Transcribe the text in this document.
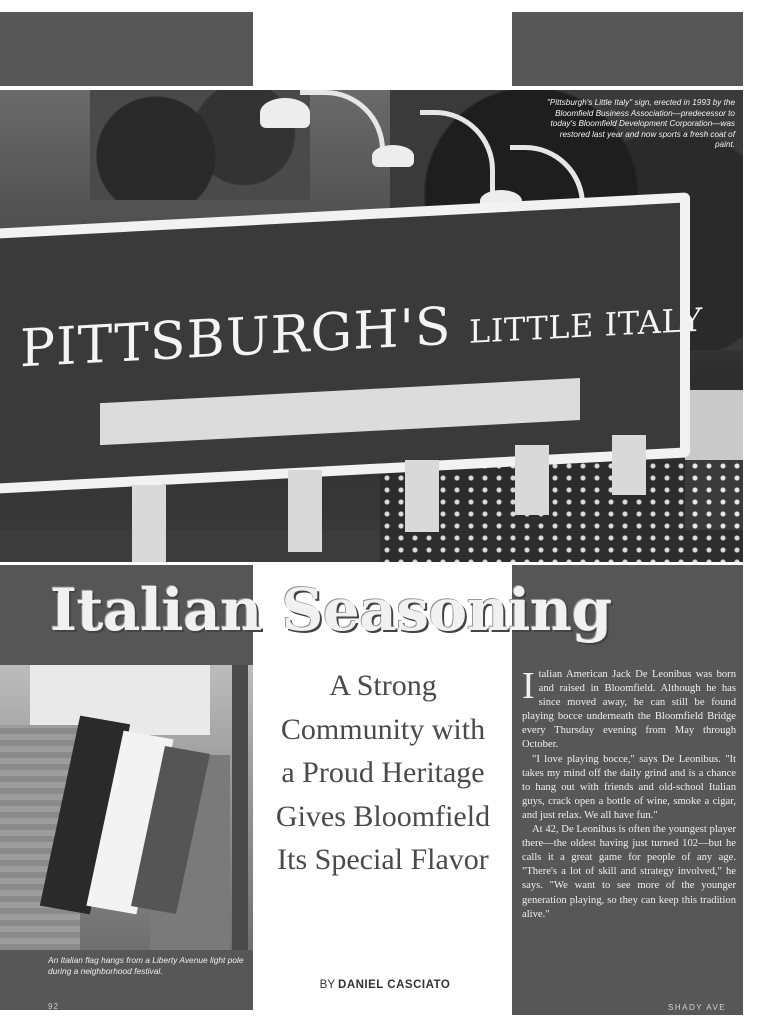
PITTSBURGH'S LITTLE ITALY
"Pittsburgh's Little Italy" sign, erected in 1993 by the Bloomfield Business Association—predecessor to today's Bloomfield Development Corporation—was restored last year and now sports a fresh coat of paint.
Italian Seasoning
An Italian flag hangs from a Liberty Avenue light pole during a neighborhood festival.
92
A Strong Community with a Proud Heritage Gives Bloomfield Its Special Flavor
BY DANIEL CASCIATO

Italian American Jack De Leonibus was born and raised in Bloomfield. Although he has since moved away, he can still be found playing bocce underneath the Bloomfield Bridge every Thursday evening from May through October.

"I love playing bocce," says De Leonibus. "It takes my mind off the daily grind and is a chance to hang out with friends and old-school Italian guys, crack open a bottle of wine, smoke a cigar, and just relax. We all have fun."

At 42, De Leonibus is often the youngest player there—the oldest having just turned 102—but he calls it a great game for people of any age. "There's a lot of skill and strategy involved," he says. "We want to see more of the younger generation playing, so they can keep this tradition alive."

SHADY AVE
